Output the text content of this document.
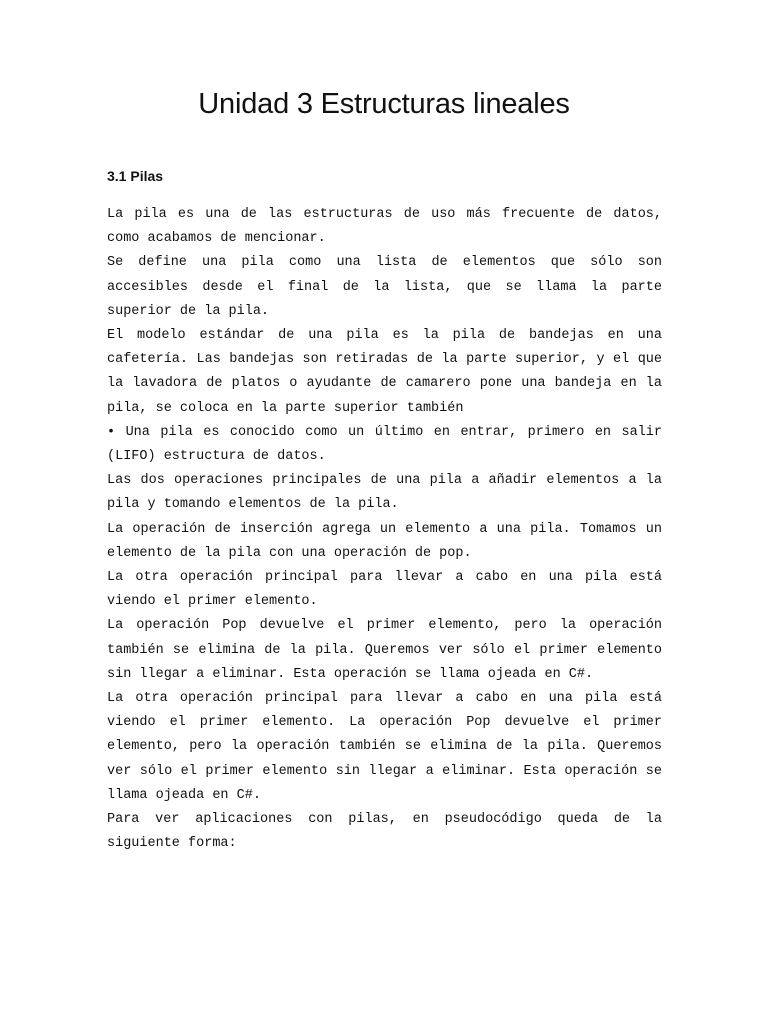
Unidad 3 Estructuras lineales
3.1 Pilas

La pila es una de las estructuras de uso más frecuente de datos, como acabamos de mencionar.

Se define una pila como una lista de elementos que sólo son accesibles desde el final de la lista, que se llama la parte superior de la pila.

El modelo estándar de una pila es la pila de bandejas en una cafetería. Las bandejas son retiradas de la parte superior, y el que la lavadora de platos o ayudante de camarero pone una bandeja en la pila, se coloca en la parte superior también

• Una pila es conocido como un último en entrar, primero en salir (LIFO) estructura de datos.

Las dos operaciones principales de una pila a añadir elementos a la pila y tomando elementos de la pila.

La operación de inserción agrega un elemento a una pila. Tomamos un elemento de la pila con una operación de pop.

La otra operación principal para llevar a cabo en una pila está viendo el primer elemento.

La operación Pop devuelve el primer elemento, pero la operación también se elimina de la pila. Queremos ver sólo el primer elemento sin llegar a eliminar. Esta operación se llama ojeada en C#.

La otra operación principal para llevar a cabo en una pila está viendo el primer elemento. La operación Pop devuelve el primer elemento, pero la operación también se elimina de la pila. Queremos ver sólo el primer elemento sin llegar a eliminar. Esta operación se llama ojeada en C#.

Para ver aplicaciones con pilas, en pseudocódigo queda de la siguiente forma:
